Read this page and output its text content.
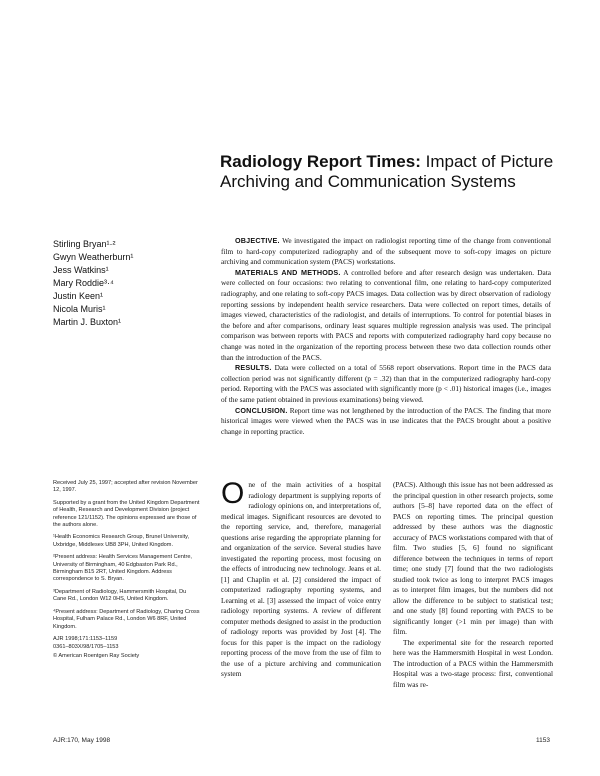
Radiology Report Times: Impact of Picture Archiving and Communication Systems
Stirling Bryan¹·²
Gwyn Weatherburn¹
Jess Watkins¹
Mary Roddie³·⁴
Justin Keen¹
Nicola Muris¹
Martin J. Buxton¹

OBJECTIVE. We investigated the impact on radiologist reporting time of the change from conventional film to hard-copy computerized radiography and of the subsequent move to soft-copy images on picture archiving and communication system (PACS) workstations.

MATERIALS AND METHODS. A controlled before and after research design was undertaken. Data were collected on four occasions: two relating to conventional film, one relating to hard-copy computerized radiography, and one relating to soft-copy PACS images. Data collection was by direct observation of radiology reporting sessions by independent health service researchers. Data were collected on report times, details of images viewed, characteristics of the radiologist, and details of interruptions. To control for potential biases in the before and after comparisons, ordinary least squares multiple regression analysis was used. The principal comparison was between reports with PACS and reports with computerized radiography hard copy because no change was noted in the organization of the reporting process between these two data collection rounds other than the introduction of the PACS.

RESULTS. Data were collected on a total of 5568 report observations. Report time in the PACS data collection period was not significantly different (p = .32) than that in the computerized radiography hard-copy period. Reporting with the PACS was associated with significantly more (p < .01) historical images (i.e., images of the same patient obtained in previous examinations) being viewed.

CONCLUSION. Report time was not lengthened by the introduction of the PACS. The finding that more historical images were viewed when the PACS was in use indicates that the PACS brought about a positive change in reporting practice.

Received July 25, 1997; accepted after revision November 12, 1997.

Supported by a grant from the United Kingdom Department of Health, Research and Development Division (project reference 121/1152). The opinions expressed are those of the authors alone.

¹Health Economics Research Group, Brunel University, Uxbridge, Middlesex UB8 3PH, United Kingdom.

²Present address: Health Services Management Centre, University of Birmingham, 40 Edgbaston Park Rd., Birmingham B15 2RT, United Kingdom. Address correspondence to S. Bryan.

³Department of Radiology, Hammersmith Hospital, Du Cane Rd., London W12 0HS, United Kingdom.

⁴Present address: Department of Radiology, Charing Cross Hospital, Fulham Palace Rd., London W6 8RF, United Kingdom.

AJR 1998;171:1153–1159

0361–803X/98/1705–1153

© American Roentgen Ray Society

One of the main activities of a hospital radiology department is supplying reports of radiology opinions on, and interpretations of, medical images. Significant resources are devoted to the reporting service, and, therefore, managerial questions arise regarding the appropriate planning for and organization of the service. Several studies have investigated the reporting process, most focusing on the effects of introducing new technology. Jeans et al. [1] and Chaplin et al. [2] considered the impact of computerized radiography reporting systems, and Learning et al. [3] assessed the impact of voice entry radiology reporting systems. A review of different computer methods designed to assist in the production of radiology reports was provided by Jost [4]. The focus for this paper is the impact on the radiology reporting process of the move from the use of film to the use of a picture archiving and communication system

(PACS). Although this issue has not been addressed as the principal question in other research projects, some authors [5–8] have reported data on the effect of PACS on reporting times. The principal question addressed by these authors was the diagnostic accuracy of PACS workstations compared with that of film. Two studies [5, 6] found no significant difference between the techniques in terms of report time; one study [7] found that the two radiologists studied took twice as long to interpret PACS images as to interpret film images, but the numbers did not allow the difference to be subject to statistical test; and one study [8] found reporting with PACS to be significantly longer (>1 min per image) than with film.

The experimental site for the research reported here was the Hammersmith Hospital in west London. The introduction of a PACS within the Hammersmith Hospital was a two-stage process: first, conventional film was re-

AJR:170, May 1998	1153
